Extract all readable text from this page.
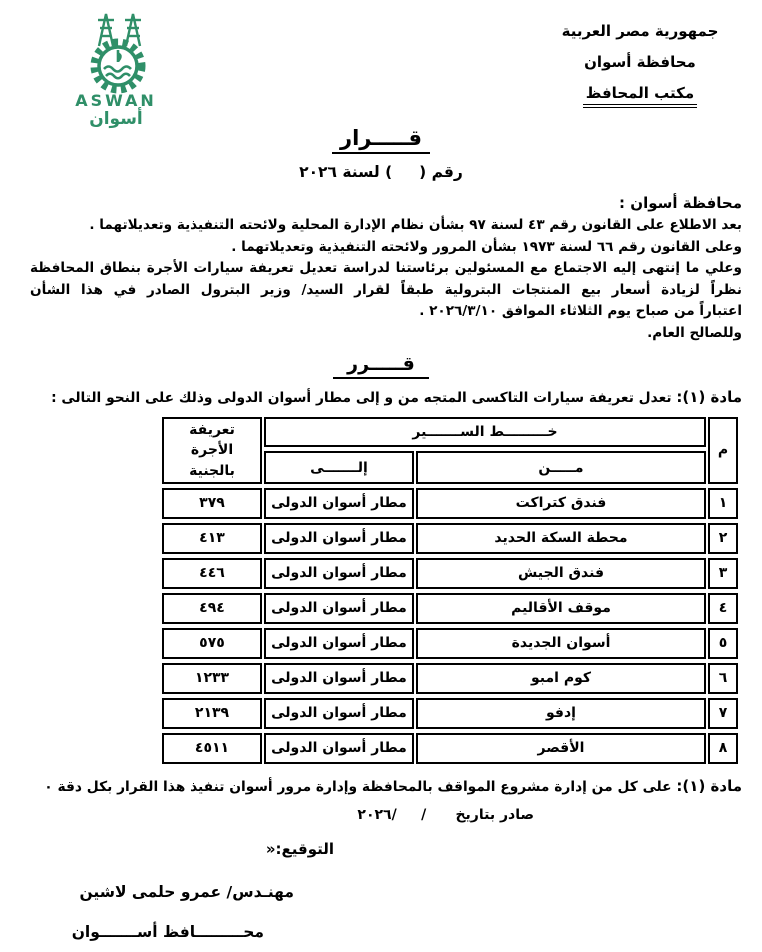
ASWAN
أسوان
جمهورية مصر العربية
محافظة أسوان
مكتب المحافظ
قـــــرار
رقم (     ) لسنة ٢٠٢٦
محافظة أسوان :
بعد الاطلاع على القانون رقم ٤٣ لسنة ٩٧ بشأن نظام الإدارة المحلية ولائحته التنفيذية وتعديلاتهما .
وعلى القانون رقم ٦٦ لسنة ١٩٧٣ بشأن المرور ولائحته التنفيذية وتعديلاتهما .
وعلي ما إنتهى إليه الاجتماع مع المسئولين برئاستنا لدراسة تعديل تعريفة سيارات الأجرة بنطاق المحافظة
نظراً لزيادة أسعار بيع المنتجات البترولية طبقاً لقرار السيد/ وزير البترول الصادر في هذا الشأن
اعتباراً من صباح يوم الثلاثاء الموافق ٢٠٢٦/٣/١٠ .
وللصالح العام.
قـــــرر
مادة (١): تعدل تعريفة سيارات التاكسى المتجه من و إلى مطار أسوان الدولى وذلك على النحو التالى :
م	خـــــــــط الســـــــير		تعريفة الأجرة بالجنية
	مـــــن	إلـــــــى	
١	فندق كتراكت	مطار أسوان الدولى	٣٧٩
٢	محطة السكة الحديد	مطار أسوان الدولى	٤١٣
٣	فندق الجيش	مطار أسوان الدولى	٤٤٦
٤	موقف الأقاليم	مطار أسوان الدولى	٤٩٤
٥	أسوان الجديدة	مطار أسوان الدولى	٥٧٥
٦	كوم امبو	مطار أسوان الدولى	١٢٣٣
٧	إدفو	مطار أسوان الدولى	٢١٣٩
٨	الأقصر	مطار أسوان الدولى	٤٥١١
مادة (١): على كل من إدارة مشروع المواقف بالمحافظة وإدارة مرور أسوان تنفيذ هذا القرار بكل دقة ٠
صادر بتاريخ      /     /٢٠٢٦
التوقيع:«
مهنـدس/ عمرو حلمى لاشين
محـــــــــافظ أســـــــوان
